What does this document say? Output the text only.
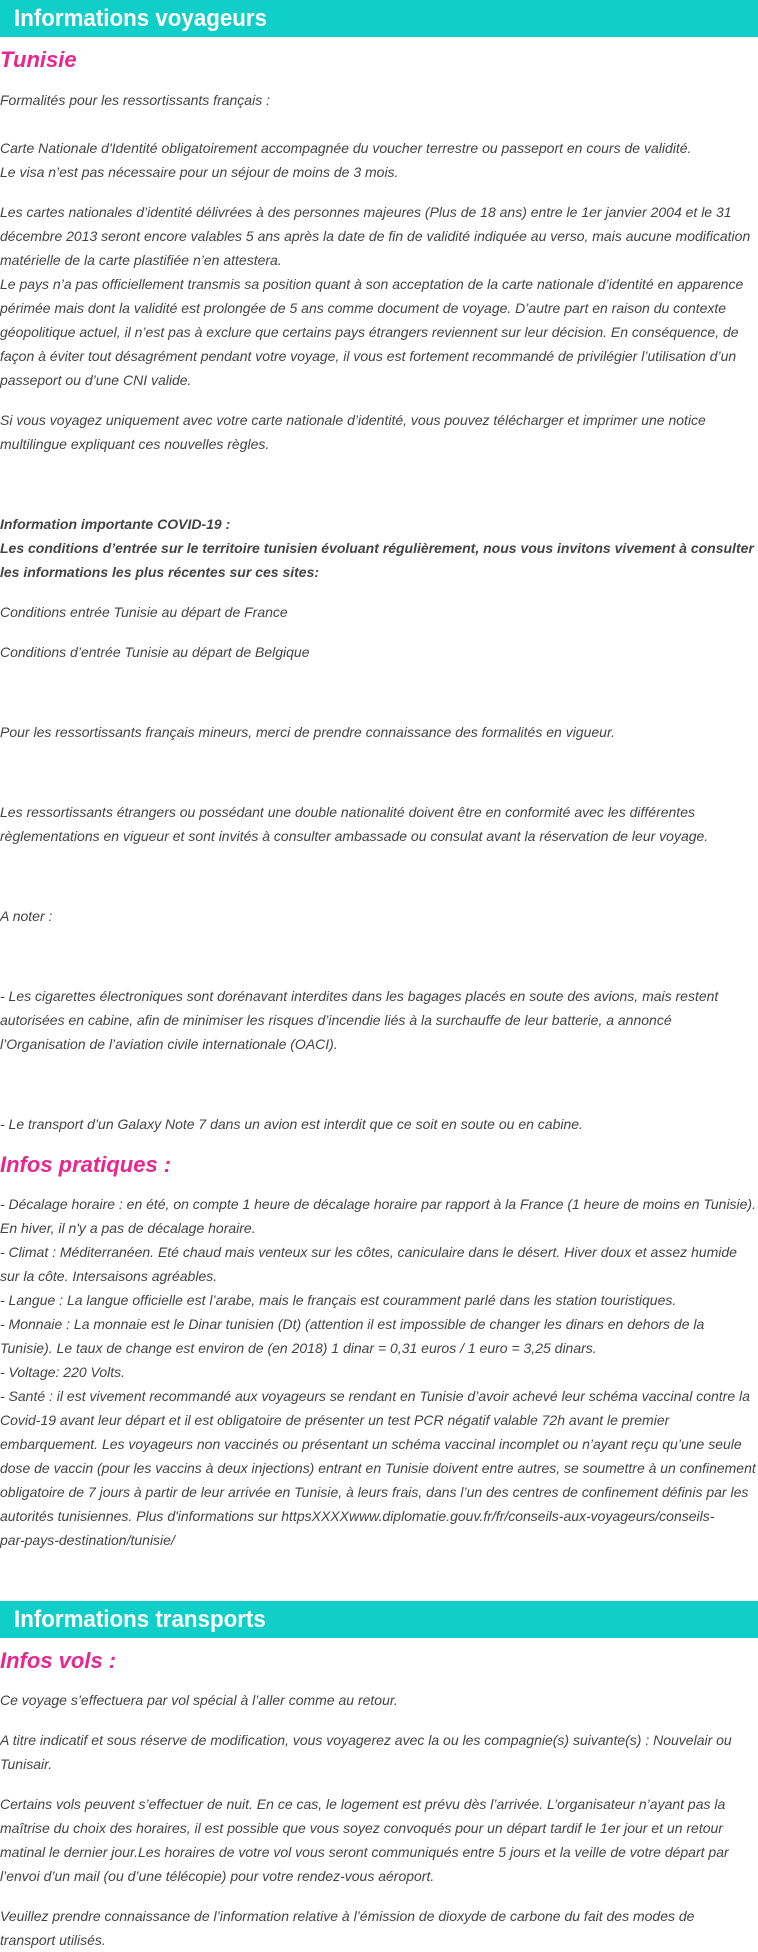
Informations voyageurs
Tunisie
Formalités pour les ressortissants français :
Carte Nationale d'Identité obligatoirement accompagnée du voucher terrestre ou passeport en cours de validité.
Le visa n’est pas nécessaire pour un séjour de moins de 3 mois.
Les cartes nationales d’identité délivrées à des personnes majeures (Plus de 18 ans) entre le 1er janvier 2004 et le 31
décembre 2013 seront encore valables 5 ans après la date de fin de validité indiquée au verso, mais aucune modification
matérielle de la carte plastifiée n’en attestera.
Le pays n’a pas officiellement transmis sa position quant à son acceptation de la carte nationale d’identité en apparence
périmée mais dont la validité est prolongée de 5 ans comme document de voyage. D’autre part en raison du contexte
géopolitique actuel, il n’est pas à exclure que certains pays étrangers reviennent sur leur décision. En conséquence, de
façon à éviter tout désagrément pendant votre voyage, il vous est fortement recommandé de privilégier l’utilisation d’un
passeport ou d’une CNI valide.
Si vous voyagez uniquement avec votre carte nationale d’identité, vous pouvez télécharger et imprimer une notice
multilingue expliquant ces nouvelles règles.
Information importante COVID-19 :
Les conditions d’entrée sur le territoire tunisien évoluant régulièrement, nous vous invitons vivement à consulter
les informations les plus récentes sur ces sites:
Conditions entrée Tunisie au départ de France
Conditions d’entrée Tunisie au départ de Belgique
Pour les ressortissants français mineurs, merci de prendre connaissance des formalités en vigueur.
Les ressortissants étrangers ou possédant une double nationalité doivent être en conformité avec les différentes
règlementations en vigueur et sont invités à consulter ambassade ou consulat avant la réservation de leur voyage.
A noter :
- Les cigarettes électroniques sont dorénavant interdites dans les bagages placés en soute des avions, mais restent
autorisées en cabine, afin de minimiser les risques d’incendie liés à la surchauffe de leur batterie, a annoncé
l’Organisation de l’aviation civile internationale (OACI).
- Le transport d’un Galaxy Note 7 dans un avion est interdit que ce soit en soute ou en cabine.
Infos pratiques :
- Décalage horaire : en été, on compte 1 heure de décalage horaire par rapport à la France (1 heure de moins en Tunisie).
En hiver, il n'y a pas de décalage horaire.
- Climat : Méditerranéen. Eté chaud mais venteux sur les côtes, caniculaire dans le désert. Hiver doux et assez humide
sur la côte. Intersaisons agréables.
- Langue : La langue officielle est l’arabe, mais le français est couramment parlé dans les station touristiques.
- Monnaie : La monnaie est le Dinar tunisien (Dt) (attention il est impossible de changer les dinars en dehors de la
Tunisie). Le taux de change est environ de (en 2018) 1 dinar = 0,31 euros / 1 euro = 3,25 dinars.
- Voltage: 220 Volts.
- Santé : il est vivement recommandé aux voyageurs se rendant en Tunisie d’avoir achevé leur schéma vaccinal contre la
Covid-19 avant leur départ et il est obligatoire de présenter un test PCR négatif valable 72h avant le premier
embarquement. Les voyageurs non vaccinés ou présentant un schéma vaccinal incomplet ou n’ayant reçu qu’une seule
dose de vaccin (pour les vaccins à deux injections) entrant en Tunisie doivent entre autres, se soumettre à un confinement
obligatoire de 7 jours à partir de leur arrivée en Tunisie, à leurs frais, dans l’un des centres de confinement définis par les
autorités tunisiennes. Plus d'informations sur httpsXXXXwww.diplomatie.gouv.fr/fr/conseils-aux-voyageurs/conseils-
par-pays-destination/tunisie/
Informations transports
Infos vols :
Ce voyage s’effectuera par vol spécial à l’aller comme au retour.
A titre indicatif et sous réserve de modification, vous voyagerez avec la ou les compagnie(s) suivante(s) : Nouvelair ou
Tunisair.
Certains vols peuvent s’effectuer de nuit. En ce cas, le logement est prévu dès l’arrivée. L’organisateur n’ayant pas la
maîtrise du choix des horaires, il est possible que vous soyez convoqués pour un départ tardif le 1er jour et un retour
matinal le dernier jour.Les horaires de votre vol vous seront communiqués entre 5 jours et la veille de votre départ par
l’envoi d’un mail (ou d’une télécopie) pour votre rendez-vous aéroport.
Veuillez prendre connaissance de l’information relative à l’émission de dioxyde de carbone du fait des modes de
transport utilisés.
